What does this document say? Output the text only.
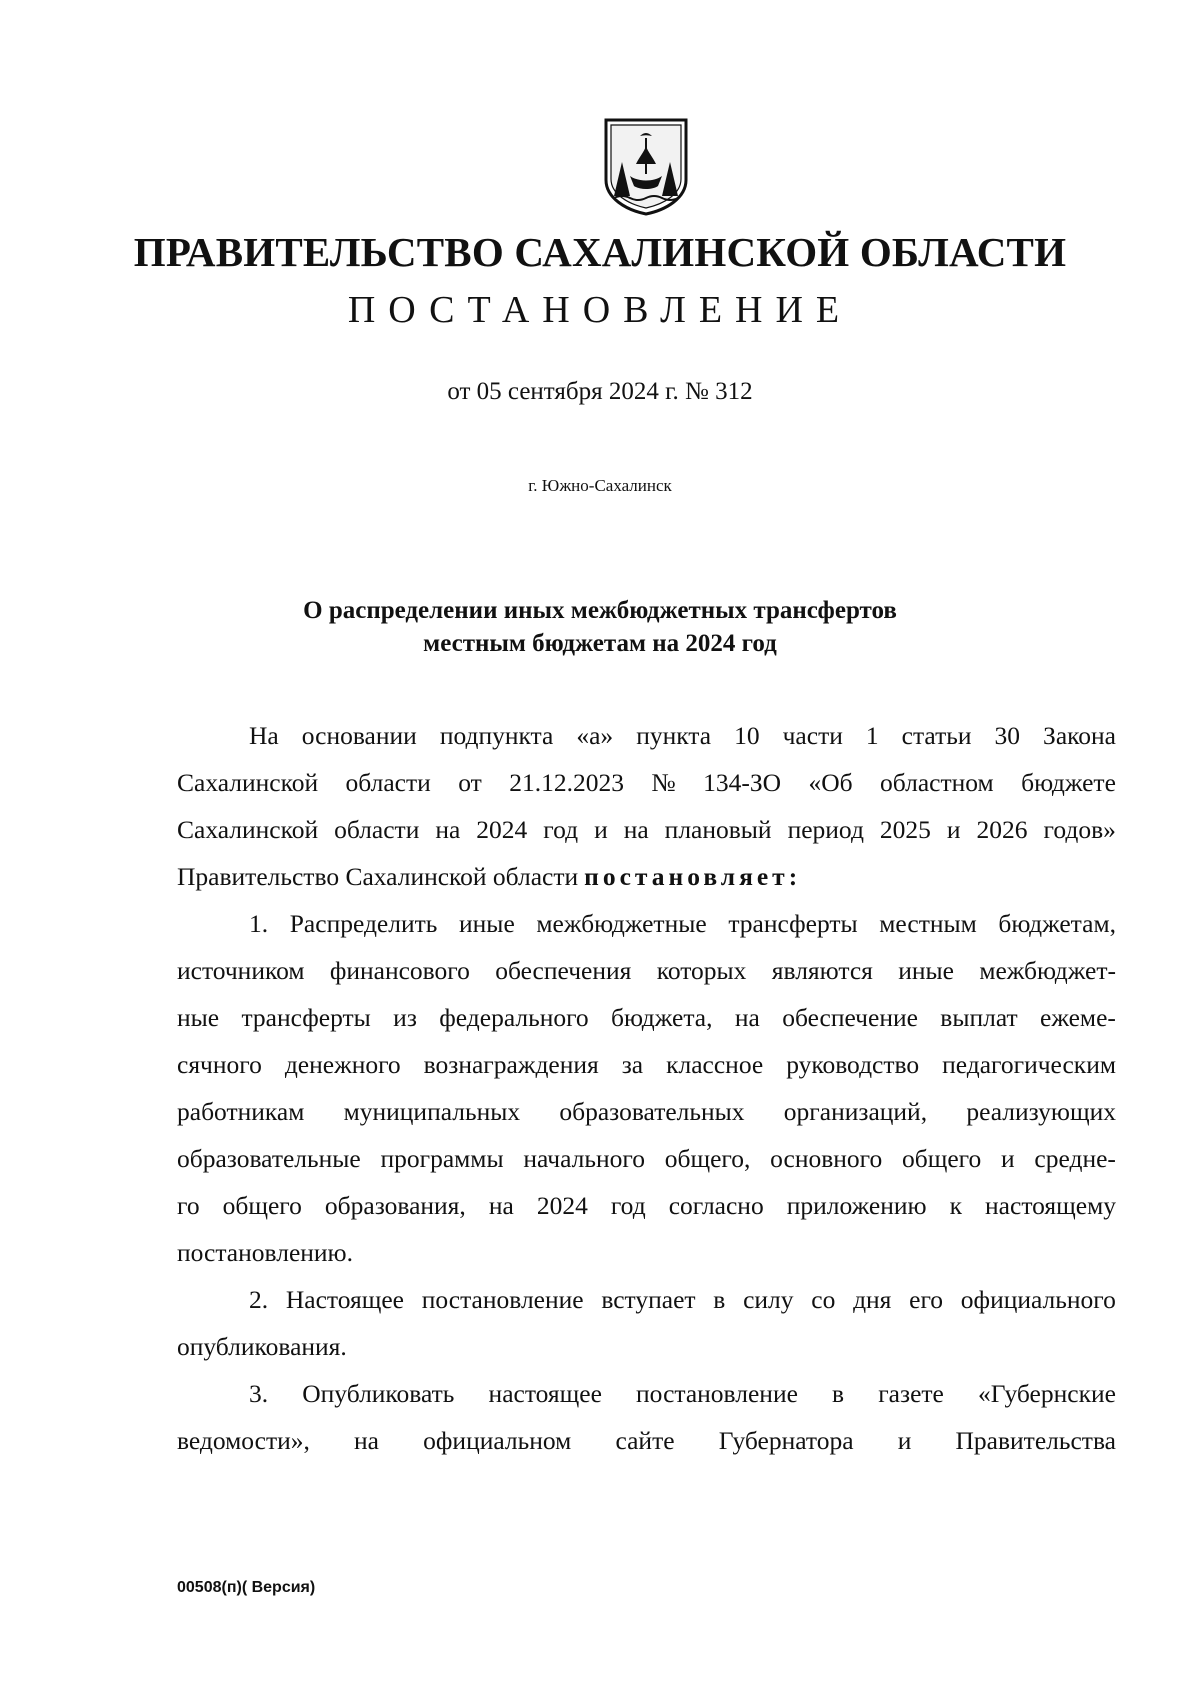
ПРАВИТЕЛЬСТВО САХАЛИНСКОЙ ОБЛАСТИ
ПОСТАНОВЛЕНИЕ
от 05 сентября 2024 г. № 312
г. Южно-Сахалинск
О распределении иных межбюджетных трансфертов
местным бюджетам на 2024 год
На основании подпункта «а» пункта 10 части 1 статьи 30 Закона
Сахалинской области от 21.12.2023 № 134-ЗО «Об областном бюджете
Сахалинской области на 2024 год и на плановый период 2025 и 2026 годов»
Правительство Сахалинской области постановляет:
1. Распределить иные межбюджетные трансферты местным бюджетам,
источником финансового обеспечения которых являются иные межбюджет-
ные трансферты из федерального бюджета, на обеспечение выплат ежеме-
сячного денежного вознаграждения за классное руководство педагогическим
работникам муниципальных образовательных организаций, реализующих
образовательные программы начального общего, основного общего и средне-
го общего образования, на 2024 год согласно приложению к настоящему
постановлению.
2. Настоящее постановление вступает в силу со дня его официального
опубликования.
3. Опубликовать настоящее постановление в газете «Губернские
ведомости», на официальном сайте Губернатора и Правительства
00508(п)( Версия)
